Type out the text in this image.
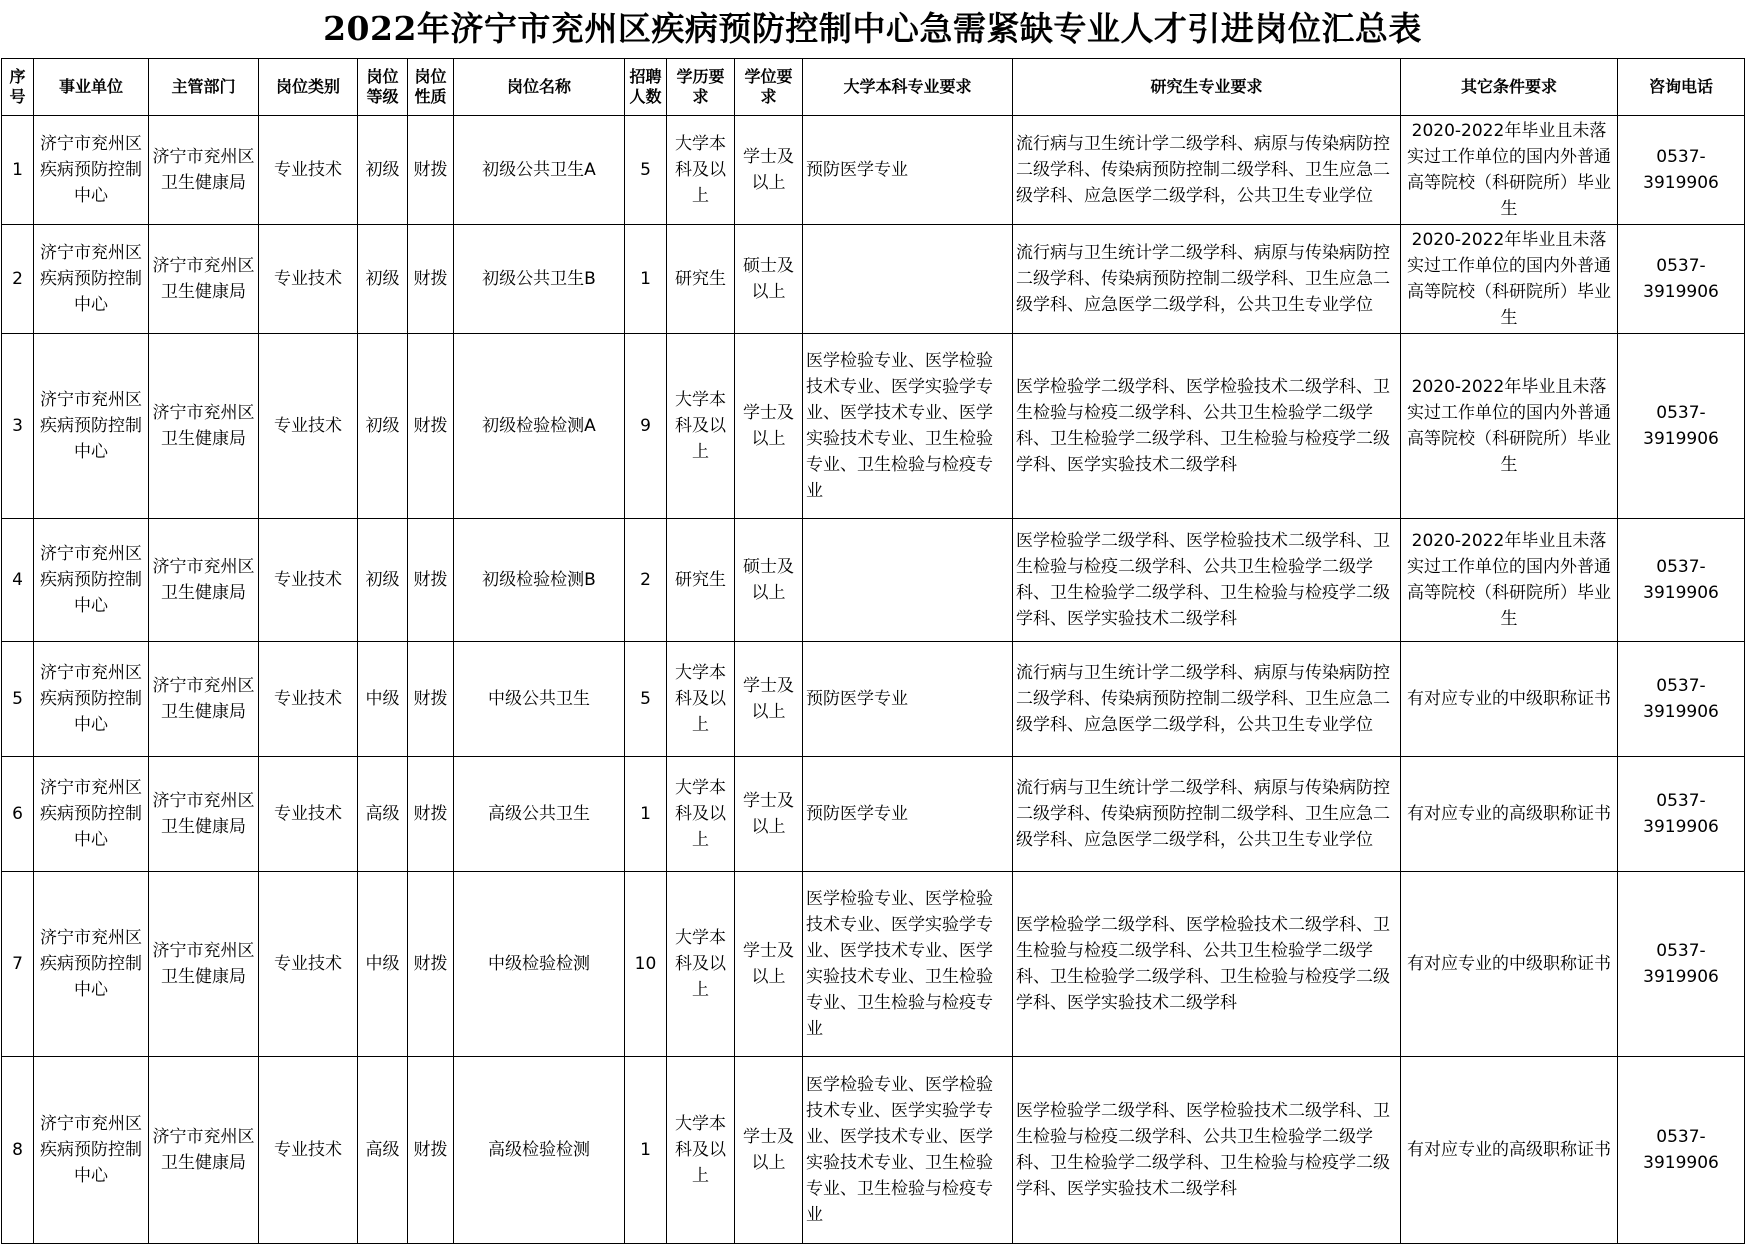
2022年济宁市兖州区疾病预防控制中心急需紧缺专业人才引进岗位汇总表
序号	事业单位	主管部门	岗位类别	岗位等级	岗位性质	岗位名称	招聘人数	学历要求	学位要求	大学本科专业要求	研究生专业要求	其它条件要求	咨询电话
1	济宁市兖州区疾病预防控制中心	济宁市兖州区卫生健康局	专业技术	初级	财拨	初级公共卫生A	5	大学本科及以上	学士及以上	预防医学专业	流行病与卫生统计学二级学科、病原与传染病防控二级学科、传染病预防控制二级学科、卫生应急二级学科、应急医学二级学科，公共卫生专业学位	2020-2022年毕业且未落实过工作单位的国内外普通高等院校（科研院所）毕业生	0537-3919906
2	济宁市兖州区疾病预防控制中心	济宁市兖州区卫生健康局	专业技术	初级	财拨	初级公共卫生B	1	研究生	硕士及以上		流行病与卫生统计学二级学科、病原与传染病防控二级学科、传染病预防控制二级学科、卫生应急二级学科、应急医学二级学科，公共卫生专业学位	2020-2022年毕业且未落实过工作单位的国内外普通高等院校（科研院所）毕业生	0537-3919906
3	济宁市兖州区疾病预防控制中心	济宁市兖州区卫生健康局	专业技术	初级	财拨	初级检验检测A	9	大学本科及以上	学士及以上	医学检验专业、医学检验技术专业、医学实验学专业、医学技术专业、医学实验技术专业、卫生检验专业、卫生检验与检疫专业	医学检验学二级学科、医学检验技术二级学科、卫生检验与检疫二级学科、公共卫生检验学二级学科、卫生检验学二级学科、卫生检验与检疫学二级学科、医学实验技术二级学科	2020-2022年毕业且未落实过工作单位的国内外普通高等院校（科研院所）毕业生	0537-3919906
4	济宁市兖州区疾病预防控制中心	济宁市兖州区卫生健康局	专业技术	初级	财拨	初级检验检测B	2	研究生	硕士及以上		医学检验学二级学科、医学检验技术二级学科、卫生检验与检疫二级学科、公共卫生检验学二级学科、卫生检验学二级学科、卫生检验与检疫学二级学科、医学实验技术二级学科	2020-2022年毕业且未落实过工作单位的国内外普通高等院校（科研院所）毕业生	0537-3919906
5	济宁市兖州区疾病预防控制中心	济宁市兖州区卫生健康局	专业技术	中级	财拨	中级公共卫生	5	大学本科及以上	学士及以上	预防医学专业	流行病与卫生统计学二级学科、病原与传染病防控二级学科、传染病预防控制二级学科、卫生应急二级学科、应急医学二级学科，公共卫生专业学位	有对应专业的中级职称证书	0537-3919906
6	济宁市兖州区疾病预防控制中心	济宁市兖州区卫生健康局	专业技术	高级	财拨	高级公共卫生	1	大学本科及以上	学士及以上	预防医学专业	流行病与卫生统计学二级学科、病原与传染病防控二级学科、传染病预防控制二级学科、卫生应急二级学科、应急医学二级学科，公共卫生专业学位	有对应专业的高级职称证书	0537-3919906
7	济宁市兖州区疾病预防控制中心	济宁市兖州区卫生健康局	专业技术	中级	财拨	中级检验检测	10	大学本科及以上	学士及以上	医学检验专业、医学检验技术专业、医学实验学专业、医学技术专业、医学实验技术专业、卫生检验专业、卫生检验与检疫专业	医学检验学二级学科、医学检验技术二级学科、卫生检验与检疫二级学科、公共卫生检验学二级学科、卫生检验学二级学科、卫生检验与检疫学二级学科、医学实验技术二级学科	有对应专业的中级职称证书	0537-3919906
8	济宁市兖州区疾病预防控制中心	济宁市兖州区卫生健康局	专业技术	高级	财拨	高级检验检测	1	大学本科及以上	学士及以上	医学检验专业、医学检验技术专业、医学实验学专业、医学技术专业、医学实验技术专业、卫生检验专业、卫生检验与检疫专业	医学检验学二级学科、医学检验技术二级学科、卫生检验与检疫二级学科、公共卫生检验学二级学科、卫生检验学二级学科、卫生检验与检疫学二级学科、医学实验技术二级学科	有对应专业的高级职称证书	0537-3919906
